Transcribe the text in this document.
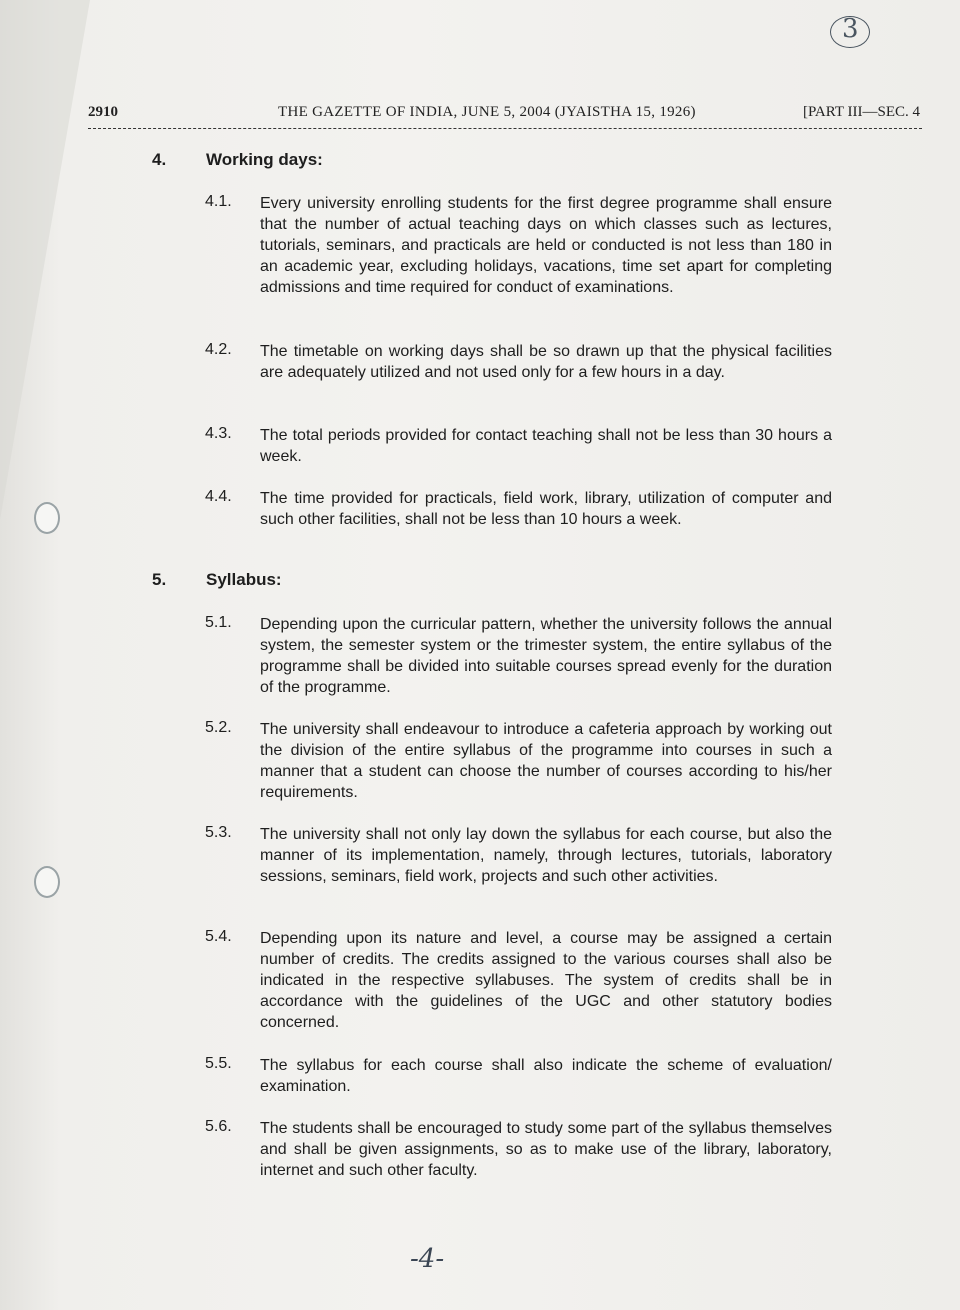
3
2910	THE GAZETTE OF INDIA, JUNE 5, 2004 (JYAISTHA 15, 1926)	[PART III—SEC. 4
4. Working days:
4.1. Every university enrolling students for the first degree programme shall ensure that the number of actual teaching days on which classes such as lectures, tutorials, seminars, and practicals are held or conducted is not less than 180 in an academic year, excluding holidays, vacations, time set apart for completing admissions and time required for conduct of examinations.
4.2. The timetable on working days shall be so drawn up that the physical facilities are adequately utilized and not used only for a few hours in a day.
4.3. The total periods provided for contact teaching shall not be less than 30 hours a week.
4.4. The time provided for practicals, field work, library, utilization of computer and such other facilities, shall not be less than 10 hours a week.
5. Syllabus:
5.1. Depending upon the curricular pattern, whether the university follows the annual system, the semester system or the trimester system, the entire syllabus of the programme shall be divided into suitable courses spread evenly for the duration of the programme.
5.2. The university shall endeavour to introduce a cafeteria approach by working out the division of the entire syllabus of the programme into courses in such a manner that a student can choose the number of courses according to his/her requirements.
5.3. The university shall not only lay down the syllabus for each course, but also the manner of its implementation, namely, through lectures, tutorials, laboratory sessions, seminars, field work, projects and such other activities.
5.4. Depending upon its nature and level, a course may be assigned a certain number of credits. The credits assigned to the various courses shall also be indicated in the respective syllabuses. The system of credits shall be in accordance with the guidelines of the UGC and other statutory bodies concerned.
5.5. The syllabus for each course shall also indicate the scheme of evaluation/ examination.
5.6. The students shall be encouraged to study some part of the syllabus themselves and shall be given assignments, so as to make use of the library, laboratory, internet and such other faculty.
-4-
